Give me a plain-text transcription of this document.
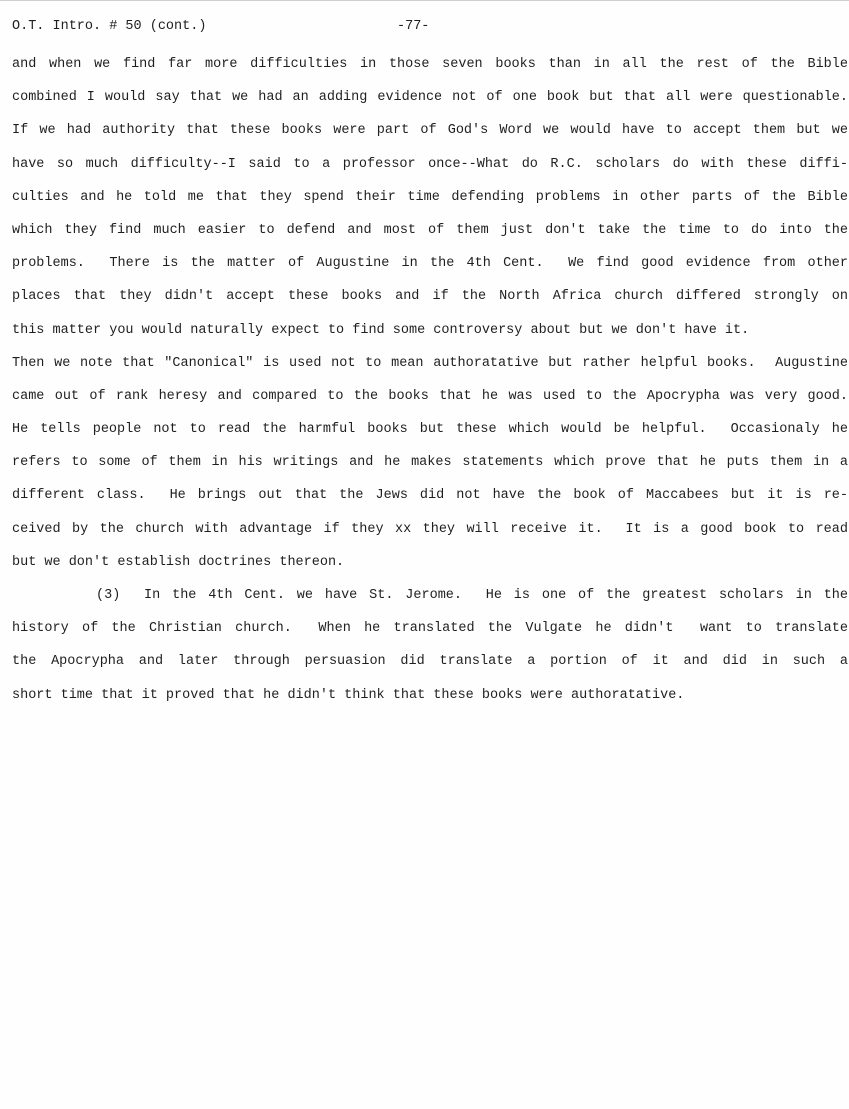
O.T. Intro. # 50 (cont.)	-77-
and when we find far more difficulties in those seven books than in all the rest of the Bible
combined I would say that we had an adding evidence not of one book but that all were questionable.
If we had authority that these books were part of God's Word we would have to accept them but we
have so much difficulty--I said to a professor once--What do R.C. scholars do with these diffi-
culties and he told me that they spend their time defending problems in other parts of the Bible
which they find much easier to defend and most of them just don't take the time to do into the
problems.  There is the matter of Augustine in the 4th Cent.  We find good evidence from other
places that they didn't accept these books and if the North Africa church differed strongly on
this matter you would naturally expect to find some controversy about but we don't have it.
Then we note that "Canonical" is used not to mean authoratative but rather helpful books.  Augustine
came out of rank heresy and compared to the books that he was used to the Apocrypha was very good.
He tells people not to read the harmful books but these which would be helpful.  Occasionaly he
refers to some of them in his writings and he makes statements which prove that he puts them in a
different class.  He brings out that the Jews did not have the book of Maccabees but it is re-
ceived by the church with advantage if they xx they will receive it.  It is a good book to read
but we don't establish doctrines thereon.
(3)  In the 4th Cent. we have St. Jerome.  He is one of the greatest scholars in the
history of the Christian church.  When he translated the Vulgate he didn't  want to translate
the Apocrypha and later through persuasion did translate a portion of it and did in such a
short time that it proved that he didn't think that these books were authoratative.
